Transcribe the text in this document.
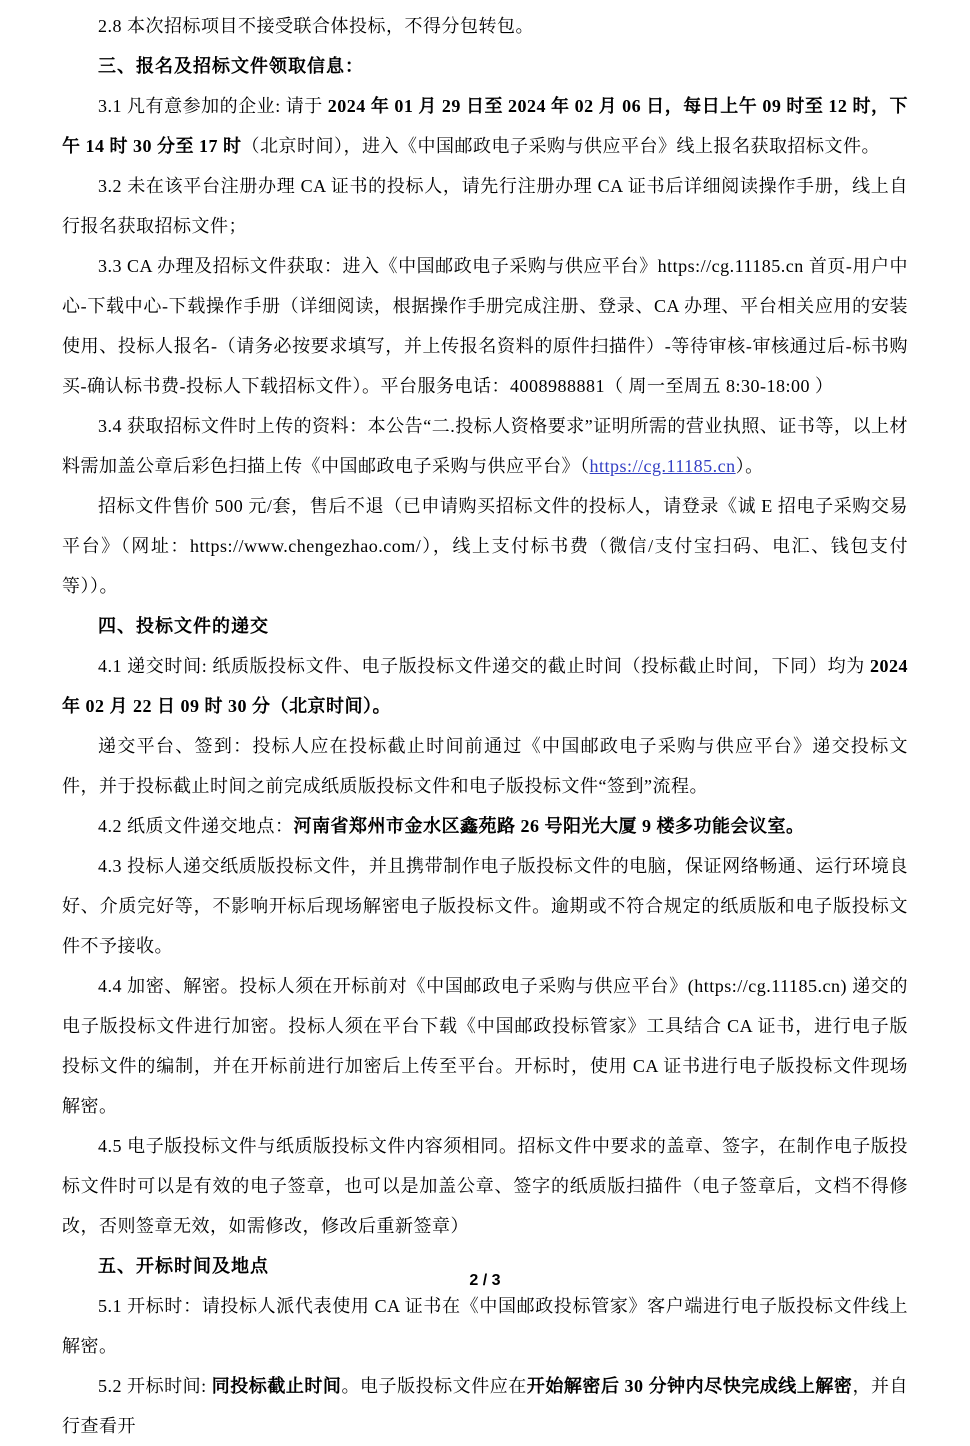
2.8 本次招标项目不接受联合体投标，不得分包转包。

三、报名及招标文件领取信息：

3.1 凡有意参加的企业: 请于 2024 年 01 月 29 日至 2024 年 02 月 06 日，每日上午 09 时至 12 时，下午 14 时 30 分至 17 时（北京时间），进入《中国邮政电子采购与供应平台》线上报名获取招标文件。

3.2 未在该平台注册办理 CA 证书的投标人，请先行注册办理 CA 证书后详细阅读操作手册，线上自行报名获取招标文件；

3.3 CA 办理及招标文件获取：进入《中国邮政电子采购与供应平台》https://cg.11185.cn 首页-用户中心-下载中心-下载操作手册（详细阅读，根据操作手册完成注册、登录、CA 办理、平台相关应用的安装使用、投标人报名-（请务必按要求填写，并上传报名资料的原件扫描件）-等待审核-审核通过后-标书购买-确认标书费-投标人下载招标文件）。平台服务电话：4008988881（ 周一至周五 8:30-18:00 ）

3.4 获取招标文件时上传的资料：本公告“二.投标人资格要求”证明所需的营业执照、证书等，以上材料需加盖公章后彩色扫描上传《中国邮政电子采购与供应平台》（https://cg.11185.cn）。

招标文件售价 500 元/套，售后不退（已申请购买招标文件的投标人，请登录《诚 E 招电子采购交易平台》（网址：https://www.chengezhao.com/），线上支付标书费（微信/支付宝扫码、电汇、钱包支付等））。

四、投标文件的递交

4.1 递交时间: 纸质版投标文件、电子版投标文件递交的截止时间（投标截止时间，下同）均为 2024 年 02 月 22 日 09 时 30 分（北京时间）。

递交平台、签到：投标人应在投标截止时间前通过《中国邮政电子采购与供应平台》递交投标文件，并于投标截止时间之前完成纸质版投标文件和电子版投标文件“签到”流程。

4.2 纸质文件递交地点：河南省郑州市金水区鑫苑路 26 号阳光大厦 9 楼多功能会议室。

4.3 投标人递交纸质版投标文件，并且携带制作电子版投标文件的电脑，保证网络畅通、运行环境良好、介质完好等，不影响开标后现场解密电子版投标文件。逾期或不符合规定的纸质版和电子版投标文件不予接收。

4.4 加密、解密。投标人须在开标前对《中国邮政电子采购与供应平台》(https://cg.11185.cn) 递交的电子版投标文件进行加密。投标人须在平台下载《中国邮政投标管家》工具结合 CA 证书，进行电子版投标文件的编制，并在开标前进行加密后上传至平台。开标时，使用 CA 证书进行电子版投标文件现场解密。

4.5 电子版投标文件与纸质版投标文件内容须相同。招标文件中要求的盖章、签字，在制作电子版投标文件时可以是有效的电子签章，也可以是加盖公章、签字的纸质版扫描件（电子签章后，文档不得修改，否则签章无效，如需修改，修改后重新签章）

五、开标时间及地点

5.1 开标时：请投标人派代表使用 CA 证书在《中国邮政投标管家》客户端进行电子版投标文件线上解密。

5.2 开标时间: 同投标截止时间。电子版投标文件应在开始解密后 30 分钟内尽快完成线上解密，并自行查看开

2 / 3
